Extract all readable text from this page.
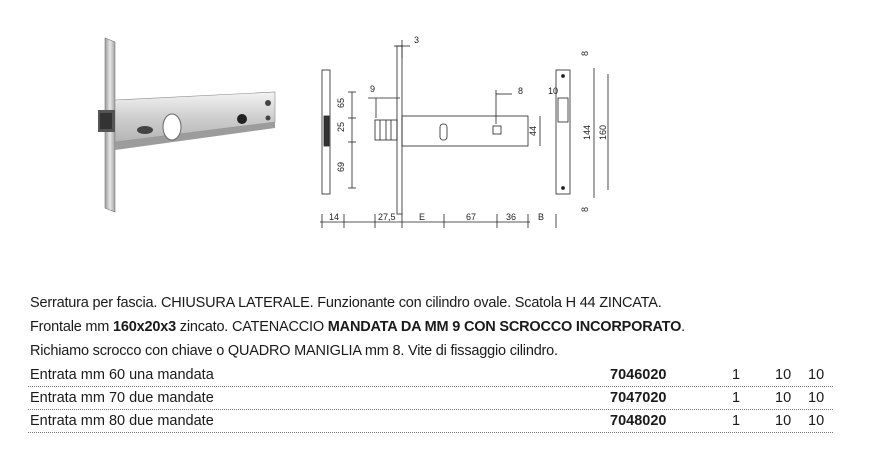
3
9	8
65
25
69
44
14	27,5	E	67	36 B
10
144 160
8
8
Serratura per fascia. CHIUSURA LATERALE. Funzionante con cilindro ovale. Scatola H 44 ZINCATA.
Frontale mm 160x20x3 zincato. CATENACCIO MANDATA DA MM 9 CON SCROCCO INCORPORATO.
Richiamo scrocco con chiave o QUADRO MANIGLIA mm 8. Vite di fissaggio cilindro.
Entrata mm 60 una mandata	7046020	1 10 10
Entrata mm 70 due mandate	7047020	1 10 10
Entrata mm 80 due mandate	7048020	1 10 10
